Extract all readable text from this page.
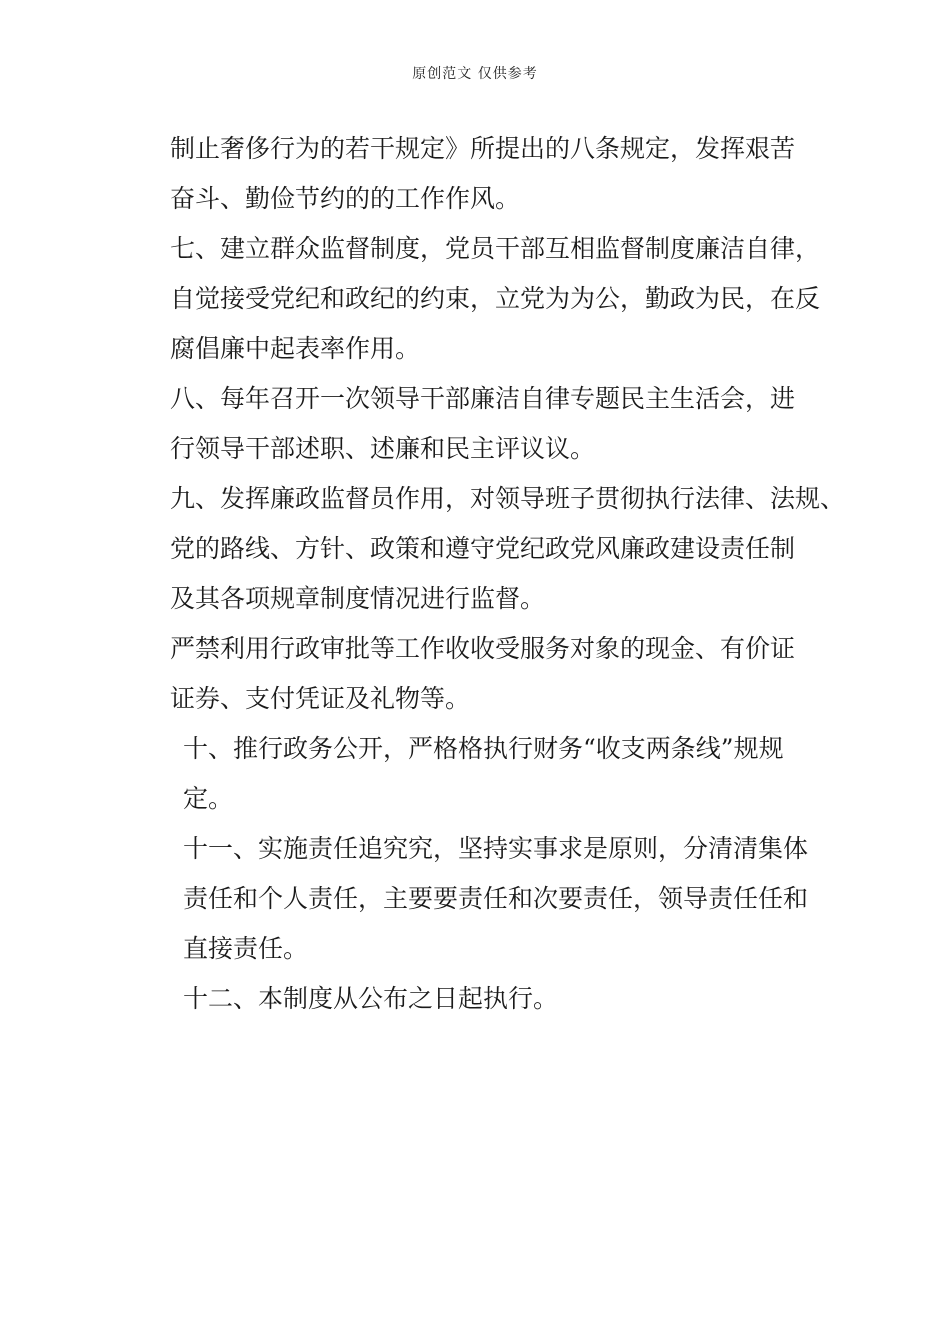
原创范文 仅供参考

制止奢侈行为的若干规定》所提出的八条规定，发挥艰苦
奋斗、勤俭节约的的工作作风。

七、建立群众监督制度，党员干部互相监督制度廉洁自律，
自觉接受党纪和政纪的约束，立党为为公，勤政为民，在反
腐倡廉中起表率作用。

八、每年召开一次领导干部廉洁自律专题民主生活会，进
行领导干部述职、述廉和民主评议议。

九、发挥廉政监督员作用，对领导班子贯彻执行法律、法规、
党的路线、方针、政策和遵守党纪政党风廉政建设责任制
及其各项规章制度情况进行监督。

严禁利用行政审批等工作收收受服务对象的现金、有价证
证券、支付凭证及礼物等。

十、推行政务公开，严格格执行财务“收支两条线”规规
定。

十一、实施责任追究究，坚持实事求是原则，分清清集体
责任和个人责任，主要要责任和次要责任，领导责任任和
直接责任。

十二、本制度从公布之日起执行。
